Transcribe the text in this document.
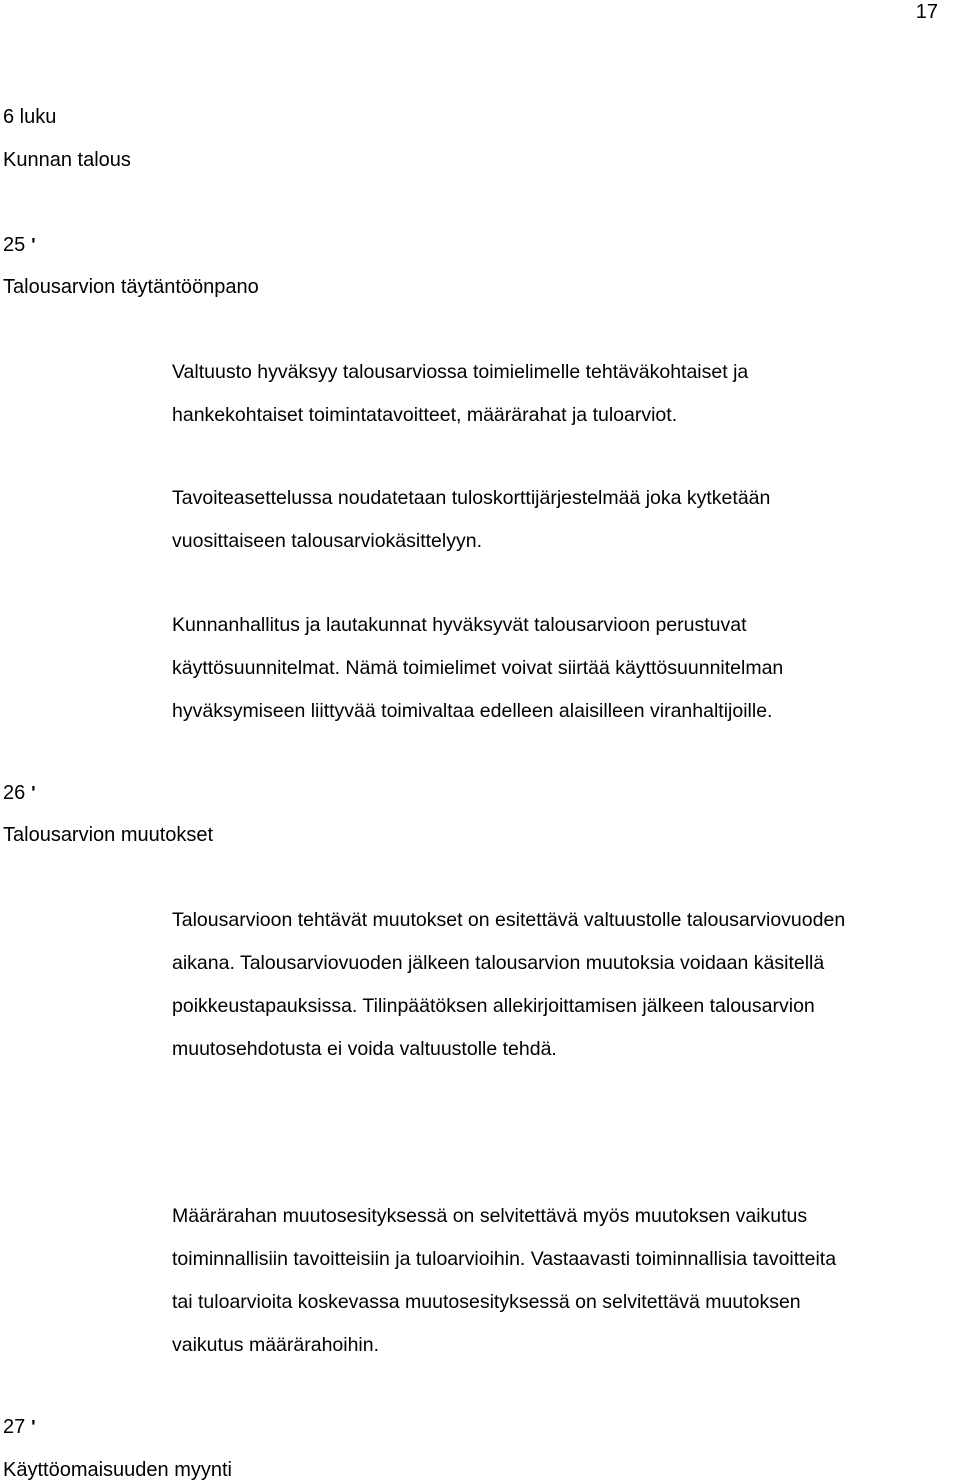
17
6 luku
Kunnan talous
25 '
Talousarvion täytäntöönpano
Valtuusto hyväksyy talousarviossa toimielimelle tehtäväkohtaiset ja
hankekohtaiset toimintatavoitteet, määrärahat ja tuloarviot.
Tavoiteasettelussa noudatetaan tuloskorttijärjestelmää joka kytketään
vuosittaiseen talousarviokäsittelyyn.
Kunnanhallitus ja lautakunnat hyväksyvät talousarvioon perustuvat
käyttösuunnitelmat. Nämä toimielimet voivat siirtää käyttösuunnitelman
hyväksymiseen liittyvää toimivaltaa edelleen alaisilleen viranhaltijoille.
26 '
Talousarvion muutokset
Talousarvioon tehtävät muutokset on esitettävä valtuustolle talousarviovuoden
aikana. Talousarviovuoden jälkeen talousarvion muutoksia voidaan käsitellä
poikkeustapauksissa. Tilinpäätöksen allekirjoittamisen jälkeen talousarvion
muutosehdotusta ei voida valtuustolle tehdä.
Määrärahan muutosesityksessä on selvitettävä myös muutoksen vaikutus
toiminnallisiin tavoitteisiin ja tuloarvioihin. Vastaavasti toiminnallisia tavoitteita
tai tuloarvioita koskevassa muutosesityksessä on selvitettävä muutoksen
vaikutus määrärahoihin.
27 '
Käyttöomaisuuden myynti
